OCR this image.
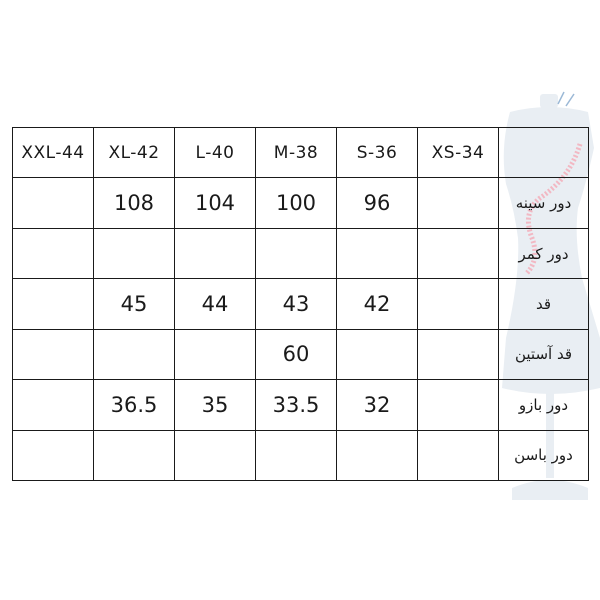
XXL-44	XL-42	L-40	M-38	S-36	XS-34	
	108	104	100	96		دور سینه
						دور کمر
	45	44	43	42		قد
			60			قد آستین
	36.5	35	33.5	32		دور بازو
						دور باسن
